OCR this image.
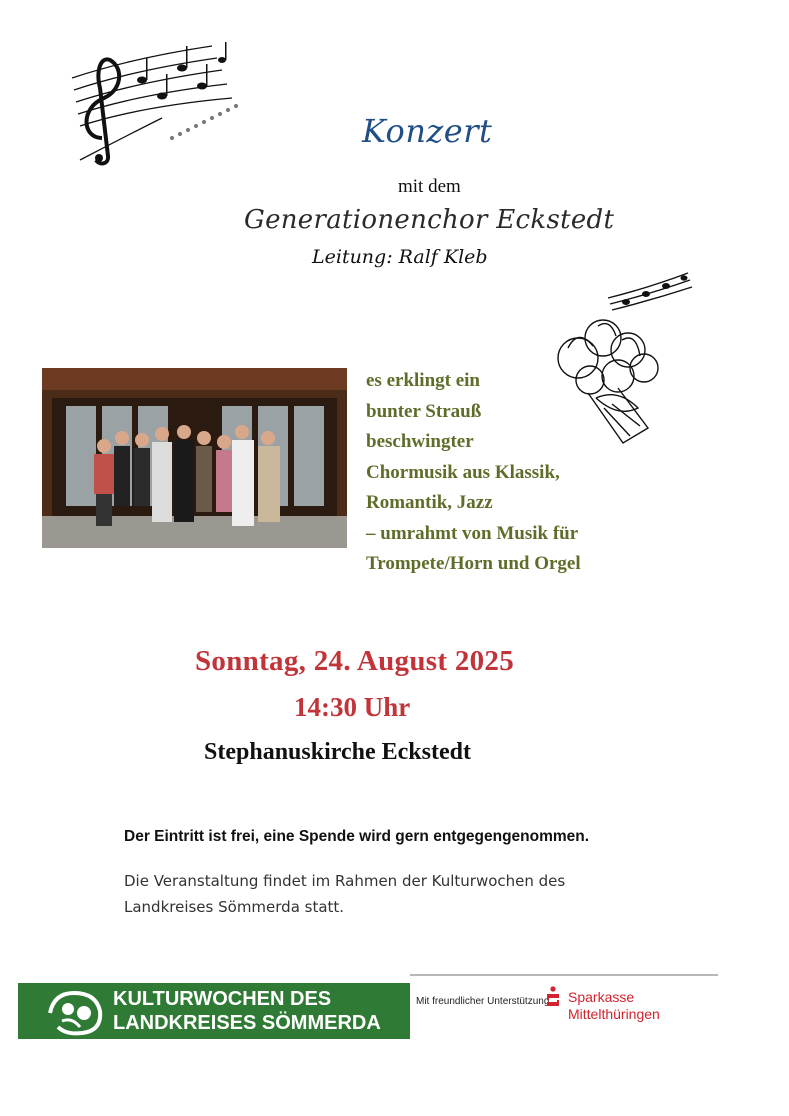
Konzert
mit dem
Generationenchor Eckstedt
Leitung: Ralf Kleb
es erklingt ein
bunter Strauß
beschwingter
Chormusik aus Klassik,
Romantik, Jazz
– umrahmt von Musik für
Trompete/Horn und Orgel
Sonntag, 24. August 2025
14:30 Uhr
Stephanuskirche Eckstedt
Der Eintritt ist frei, eine Spende wird gern entgegengenommen.
Die Veranstaltung findet im Rahmen der Kulturwochen des
Landkreises Sömmerda statt.
KULTURWOCHEN DES
LANDKREISES SÖMMERDA
Mit freundlicher Unterstützung Sparkasse
Mittelthüringen
